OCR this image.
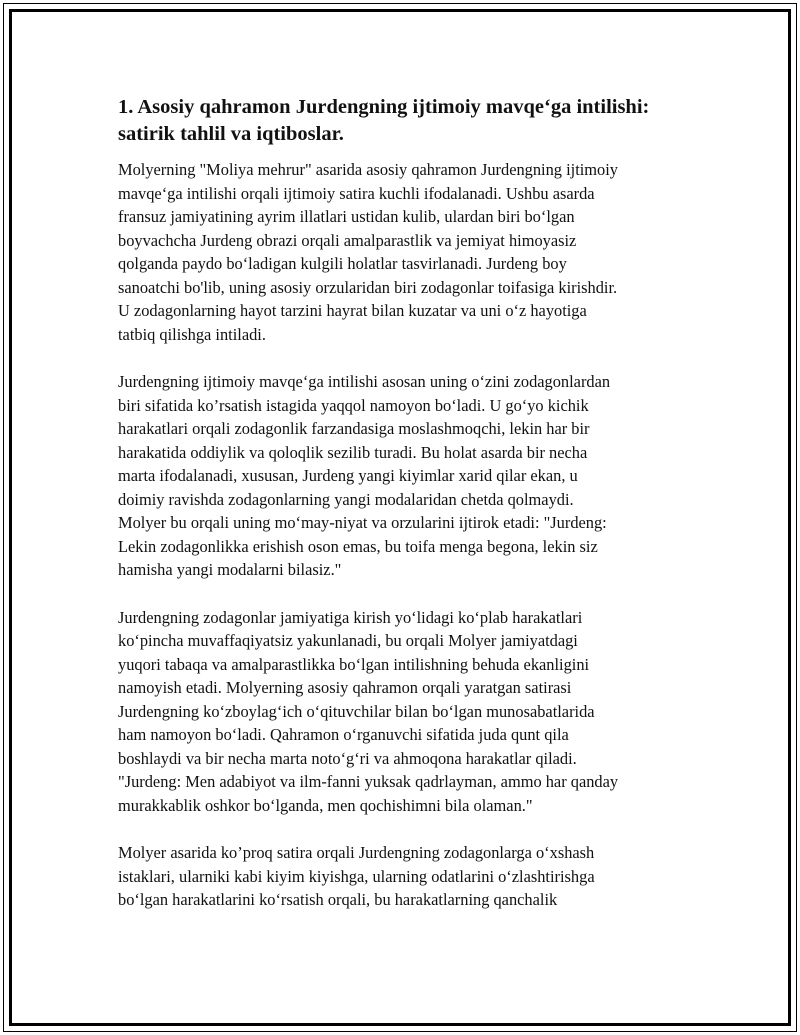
1. Asosiy qahramon Jurdengning ijtimoiy mavqe‘ga intilishi:
satirik tahlil va iqtiboslar.

Molyerning "Moliya mehrur" asarida asosiy qahramon Jurdengning ijtimoiy
mavqe‘ga intilishi orqali ijtimoiy satira kuchli ifodalanadi. Ushbu asarda
fransuz jamiyatining ayrim illatlari ustidan kulib, ulardan biri bo‘lgan
boyvachcha Jurdeng obrazi orqali amalparastlik va jemiyat himoyasiz
qolganda paydo bo‘ladigan kulgili holatlar tasvirlanadi. Jurdeng boy
sanoatchi bo'lib, uning asosiy orzularidan biri zodagonlar toifasiga kirishdir.
U zodagonlarning hayot tarzini hayrat bilan kuzatar va uni o‘z hayotiga
tatbiq qilishga intiladi.

Jurdengning ijtimoiy mavqe‘ga intilishi asosan uning o‘zini zodagonlardan
biri sifatida ko’rsatish istagida yaqqol namoyon bo‘ladi. U go‘yo kichik
harakatlari orqali zodagonlik farzandasiga moslashmoqchi, lekin har bir
harakatida oddiylik va qoloqlik sezilib turadi. Bu holat asarda bir necha
marta ifodalanadi, xususan, Jurdeng yangi kiyimlar xarid qilar ekan, u
doimiy ravishda zodagonlarning yangi modalaridan chetda qolmaydi.
Molyer bu orqali uning mo‘may-niyat va orzularini ijtirok etadi: "Jurdeng:
Lekin zodagonlikka erishish oson emas, bu toifa menga begona, lekin siz
hamisha yangi modalarni bilasiz."

Jurdengning zodagonlar jamiyatiga kirish yo‘lidagi ko‘plab harakatlari
ko‘pincha muvaffaqiyatsiz yakunlanadi, bu orqali Molyer jamiyatdagi
yuqori tabaqa va amalparastlikka bo‘lgan intilishning behuda ekanligini
namoyish etadi. Molyerning asosiy qahramon orqali yaratgan satirasi
Jurdengning ko‘zboylag‘ich o‘qituvchilar bilan bo‘lgan munosabatlarida
ham namoyon bo‘ladi. Qahramon o‘rganuvchi sifatida juda qunt qila
boshlaydi va bir necha marta noto‘g‘ri va ahmoqona harakatlar qiladi.
"Jurdeng: Men adabiyot va ilm-fanni yuksak qadrlayman, ammo har qanday
murakkablik oshkor bo‘lganda, men qochishimni bila olaman."

Molyer asarida ko’proq satira orqali Jurdengning zodagonlarga o‘xshash
istaklari, ularniki kabi kiyim kiyishga, ularning odatlarini o‘zlashtirishga
bo‘lgan harakatlarini ko‘rsatish orqali, bu harakatlarning qanchalik
